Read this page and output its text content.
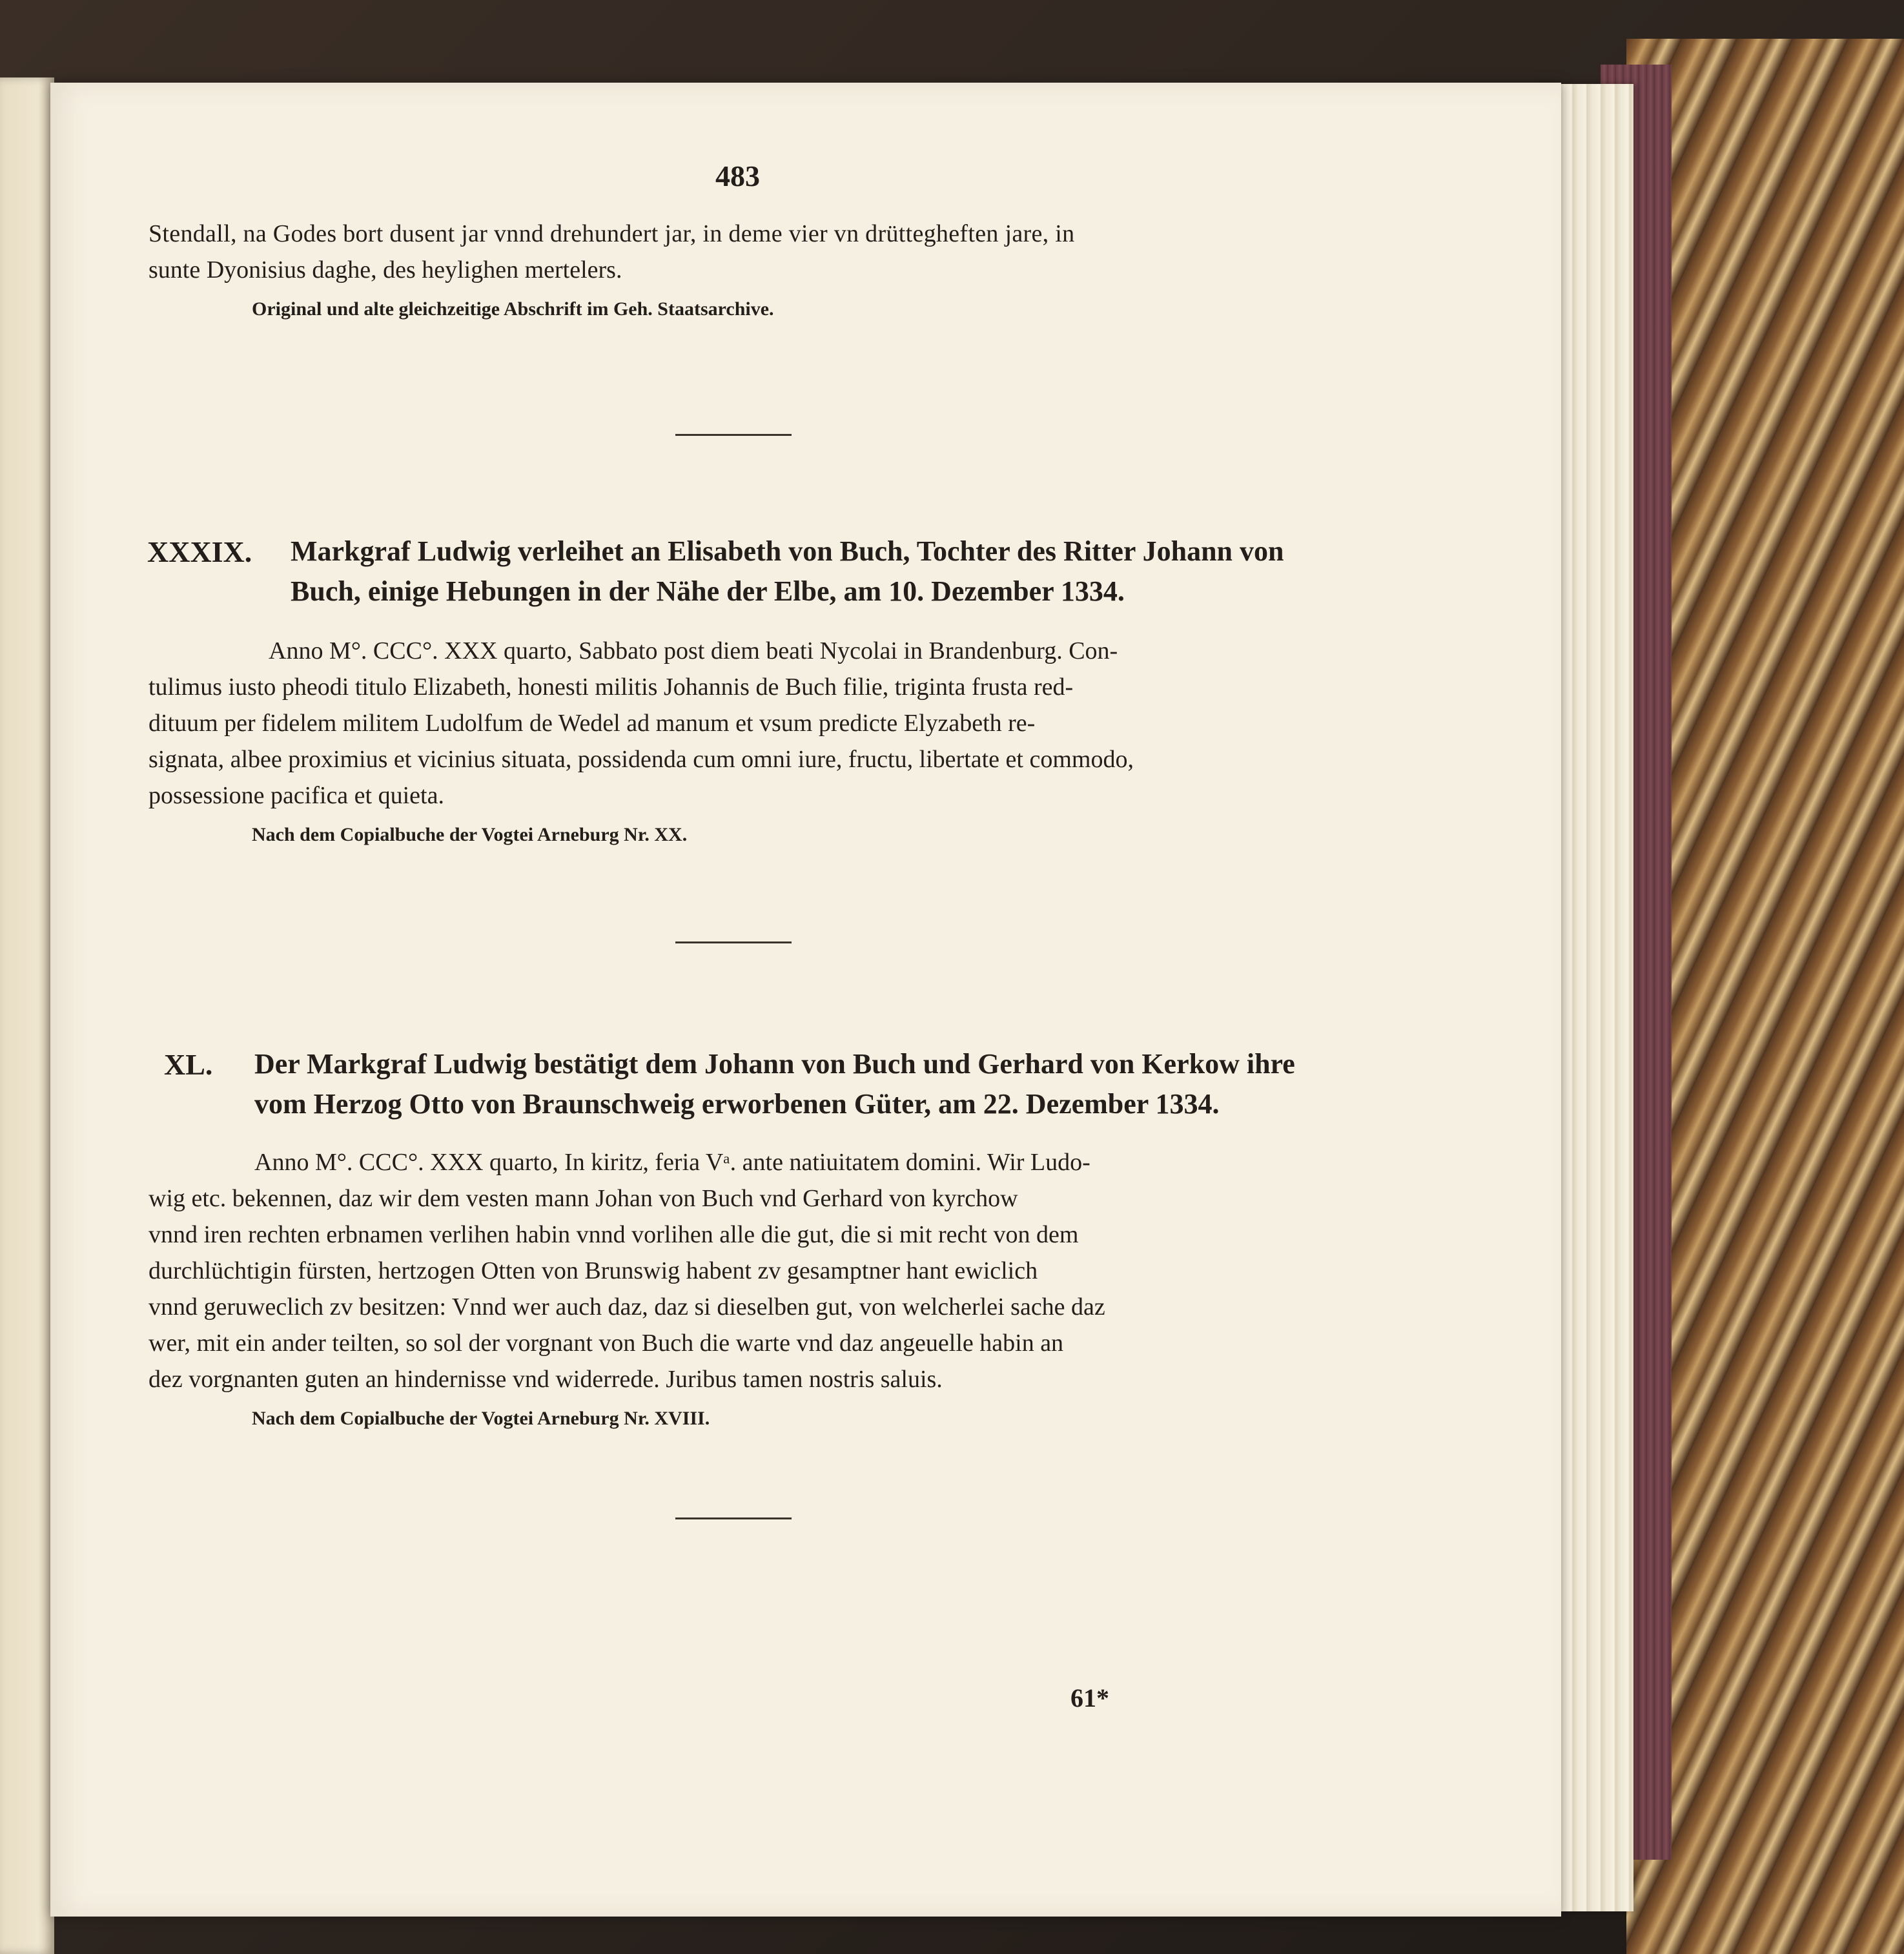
483
Stendall, na Godes bort dusent jar vnnd drehundert jar, in deme vier vn drüttegheften jare, in
sunte Dyonisius daghe, des heylighen mertelers.
Original und alte gleichzeitige Abschrift im Geh. Staatsarchive.
XXXIX. Markgraf Ludwig verleihet an Elisabeth von Buch, Tochter des Ritter Johann von
Buch, einige Hebungen in der Nähe der Elbe, am 10. Dezember 1334.
Anno M°. CCC°. XXX quarto, Sabbato post diem beati Nycolai in Brandenburg. Con-
tulimus iusto pheodi titulo Elizabeth, honesti militis Johannis de Buch filie, triginta frusta red-
dituum per fidelem militem Ludolfum de Wedel ad manum et vsum predicte Elyzabeth re-
signata, albee proximius et vicinius situata, possidenda cum omni iure, fructu, libertate et commodo,
possessione pacifica et quieta.
Nach dem Copialbuche der Vogtei Arneburg Nr. XX.
XL. Der Markgraf Ludwig bestätigt dem Johann von Buch und Gerhard von Kerkow ihre
vom Herzog Otto von Braunschweig erworbenen Güter, am 22. Dezember 1334.
Anno M°. CCC°. XXX quarto, In kiritz, feria Vᵃ. ante natiuitatem domini. Wir Ludo-
wig etc. bekennen, daz wir dem vesten mann Johan von Buch vnd Gerhard von kyrchow
vnnd iren rechten erbnamen verlihen habin vnnd vorlihen alle die gut, die si mit recht von dem
durchlüchtigin fürsten, hertzogen Otten von Brunswig habent zv gesamptner hant ewiclich
vnnd geruweclich zv besitzen: Vnnd wer auch daz, daz si dieselben gut, von welcherlei sache daz
wer, mit ein ander teilten, so sol der vorgnant von Buch die warte vnd daz angeuelle habin an
dez vorgnanten guten an hindernisse vnd widerrede. Juribus tamen nostris saluis.
Nach dem Copialbuche der Vogtei Arneburg Nr. XVIII.
61*
